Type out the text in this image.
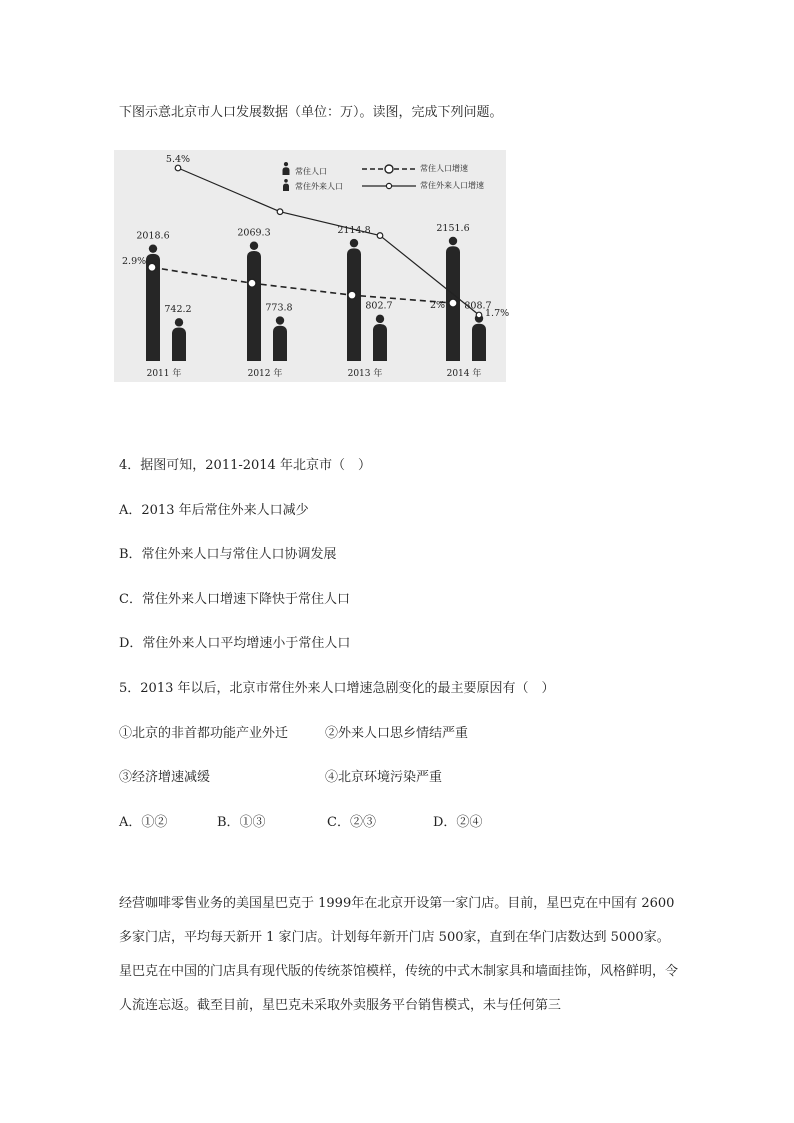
下图示意北京市人口发展数据（单位：万）。读图，完成下列问题。
常住人口
常住外来人口
常住人口增速
常住外来人口增速
2018.6
742.2
2011 年
2069.3
773.8
2012 年
2114.8
802.7
2013 年
2151.6
808.7
2014 年
5.4%
2.9%
2%
1.7%
4．据图可知，2011-2014 年北京市（　）
A．2013 年后常住外来人口减少
B．常住外来人口与常住人口协调发展
C．常住外来人口增速下降快于常住人口
D．常住外来人口平均增速小于常住人口
5．2013 年以后，北京市常住外来人口增速急剧变化的最主要原因有（　）
①北京的非首都功能产业外迁	②外来人口思乡情结严重
③经济增速减缓	④北京环境污染严重
A．①②	B．①③	C．②③	D．②④
经营咖啡零售业务的美国星巴克于 1999年在北京开设第一家门店。目前，星巴克在中国有 2600 多家门店，平均每天新开 1 家门店。计划每年新开门店 500家，直到在华门店数达到 5000家。星巴克在中国的门店具有现代版的传统茶馆模样，传统的中式木制家具和墙面挂饰，风格鲜明，令人流连忘返。截至目前，星巴克未采取外卖服务平台销售模式，未与任何第三
